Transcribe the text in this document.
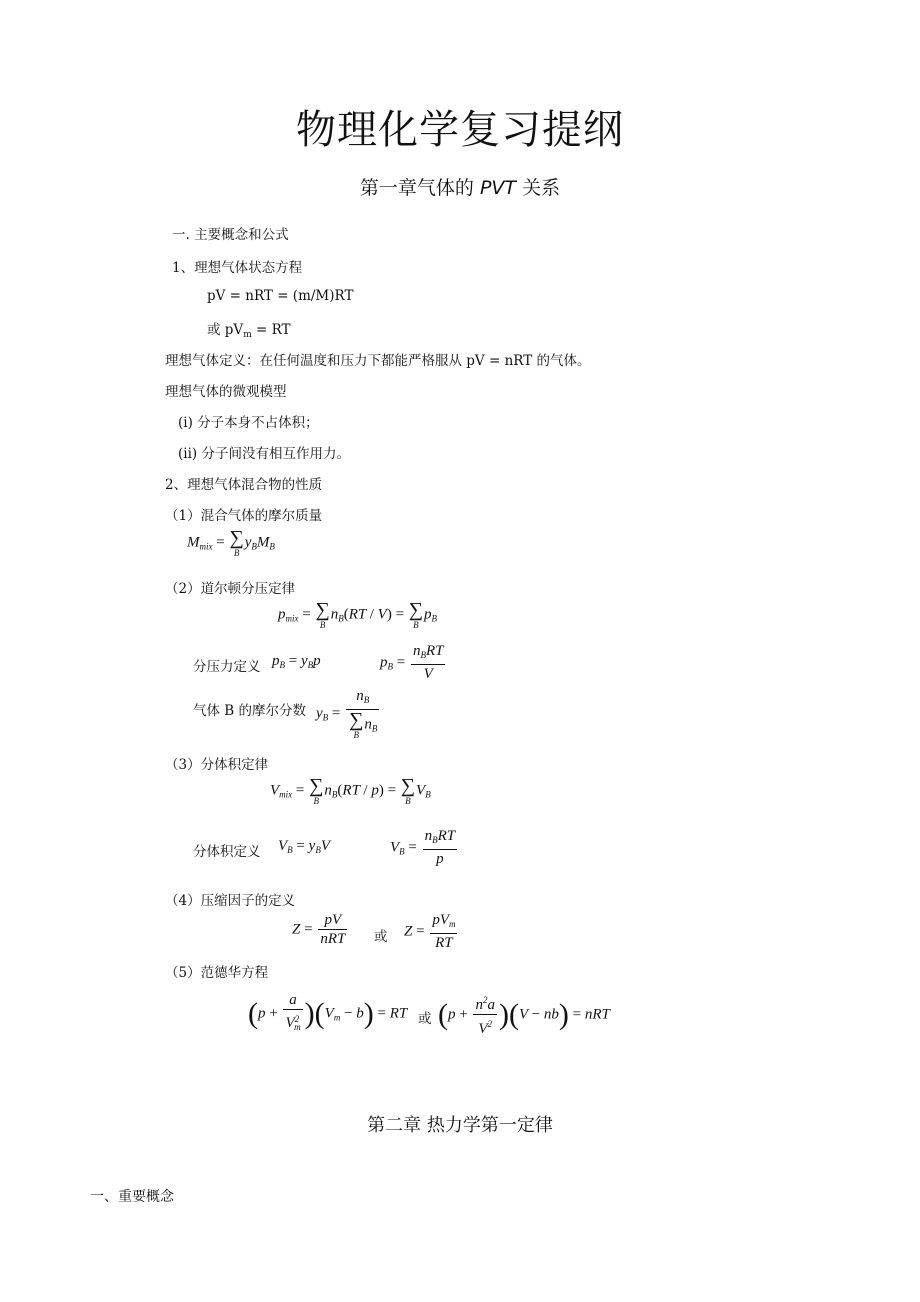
物理化学复习提纲
第一章气体的 PVT 关系
一. 主要概念和公式
1、理想气体状态方程
pV = nRT = (m/M)RT
或 $pV_m$ = RT
理想气体定义：在任何温度和压力下都能严格服从 pV = nRT 的气体。
理想气体的微观模型
(i) 分子本身不占体积；
(ii) 分子间没有相互作用力。
2、理想气体混合物的性质
（1）混合气体的摩尔质量
$M_{mix}$ = ∑
B
$y_BM_B$
（2）道尔顿分压定律
$p_{mix}$ = ∑
B
$n_B(RT / V)$ = ∑
B
$p_B$
分压力定义 $p_B = y_Bp$	$p_B = \frac{n_BRT}{V}$
气体 B 的摩尔分数 $y_B = n_B$
∑
B
$n_B$
（3）分体积定律
$V_{mix}$ = ∑
B
$n_B(RT / p)$ = ∑
B
$V_B$
分体积定义 $V_B = y_BV$	$V_B = \frac{n_BRT}{p}$
（4）压缩因子的定义
$Z = \frac{pV}{\text{nRT}}$ 或 $Z = \frac{pV_m}{RT}$
（5）范德华方程
$(p + \frac{a}{V^2_m} )(V_m - b)$ = RT 或 $(p + \frac{n^2a}{V^2} )(V - nb)$ = nRT
第二章 热力学第一定律
一、重要概念
